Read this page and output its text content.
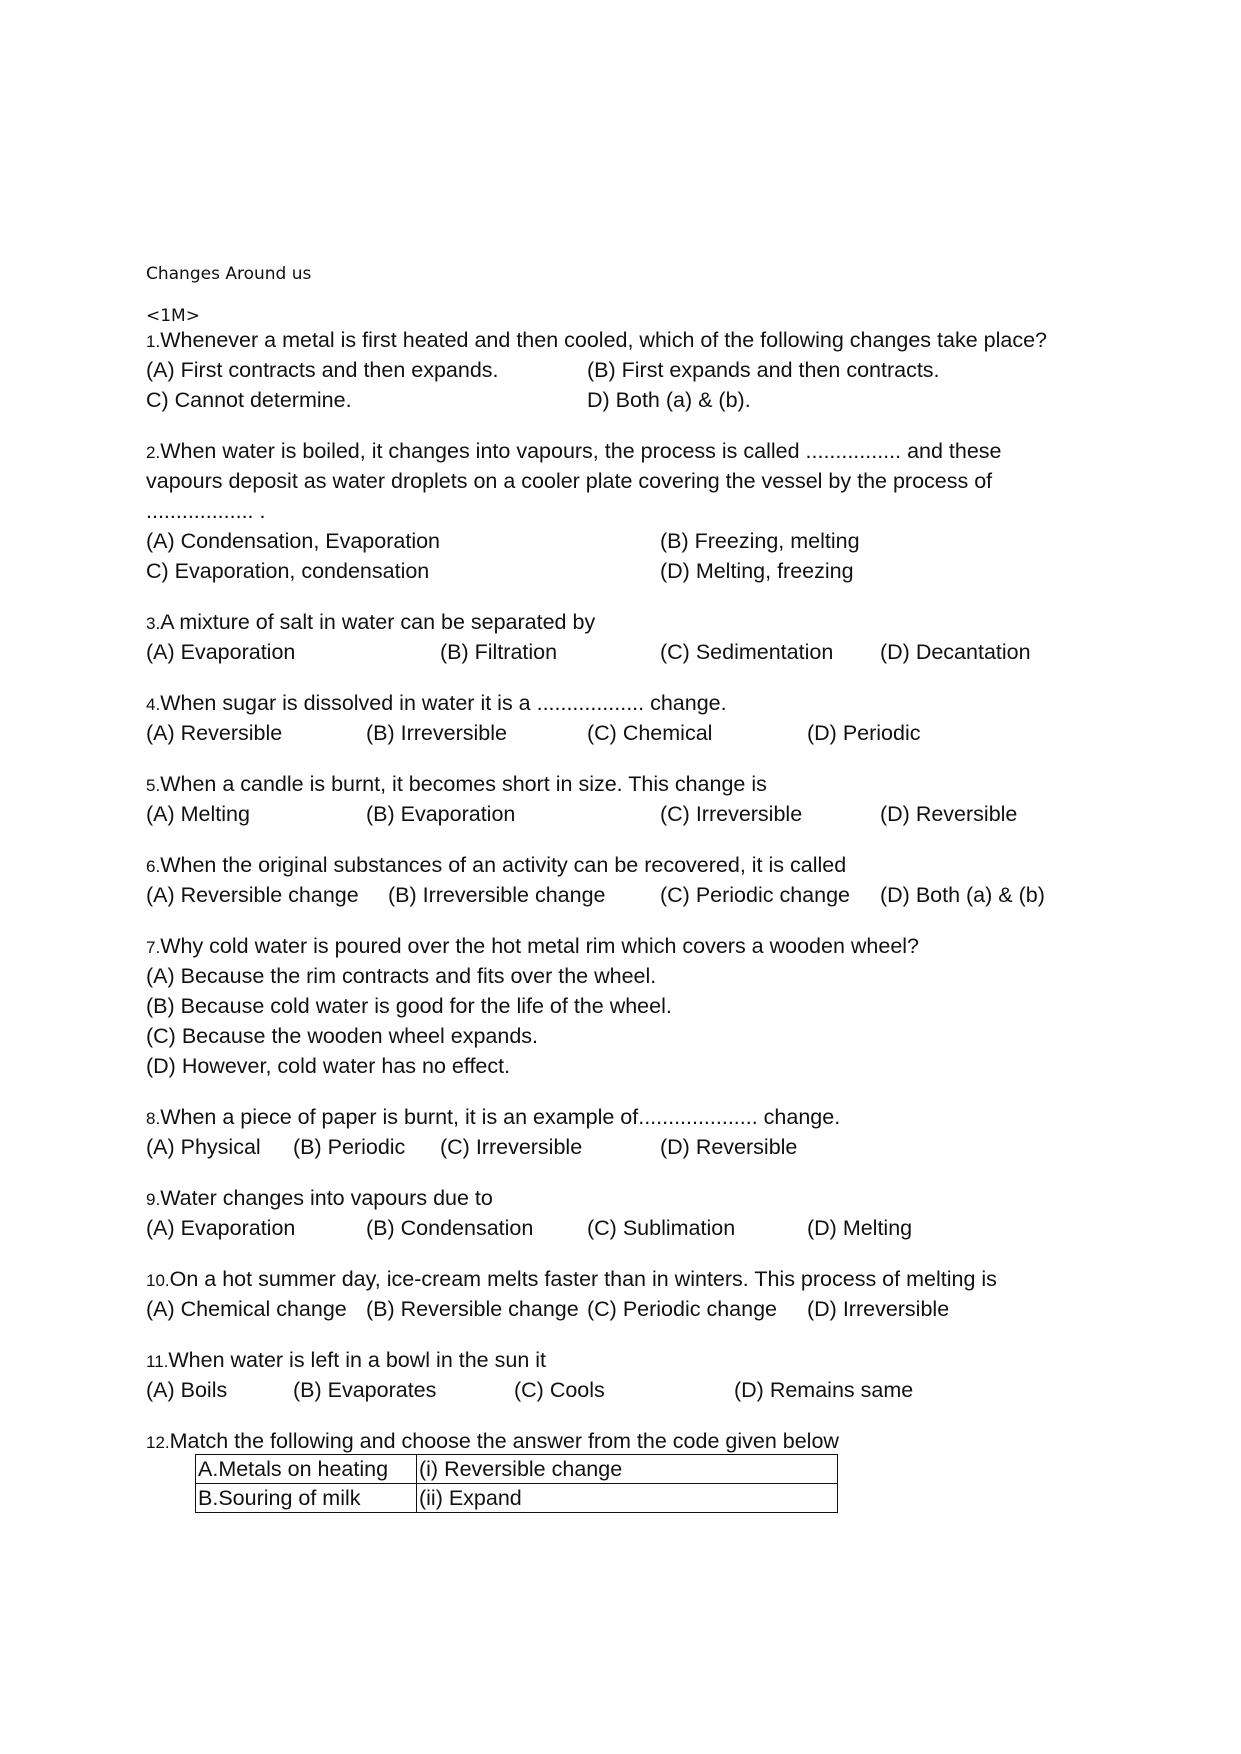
Changes Around us
<1M>
1.Whenever a metal is first heated and then cooled, which of the following changes take place?
(A) First contracts and then expands.	(B) First expands and then contracts.
C) Cannot determine.	D) Both (a) & (b).
2.When water is boiled, it changes into vapours, the process is called ................ and these
vapours deposit as water droplets on a cooler plate covering the vessel by the process of
.................. .
(A) Condensation, Evaporation	(B) Freezing, melting
C) Evaporation, condensation	(D) Melting, freezing
3.A mixture of salt in water can be separated by
(A) Evaporation	(B) Filtration	(C) Sedimentation (D) Decantation
4.When sugar is dissolved in water it is a .................. change.
(A) Reversible	(B) Irreversible	(C) Chemical	(D) Periodic
5.When a candle is burnt, it becomes short in size. This change is
(A) Melting	(B) Evaporation	(C) Irreversible	(D) Reversible
6.When the original substances of an activity can be recovered, it is called
(A) Reversible change (B) Irreversible change	(C) Periodic change (D) Both (a) & (b)
7.Why cold water is poured over the hot metal rim which covers a wooden wheel?
(A) Because the rim contracts and fits over the wheel.
(B) Because cold water is good for the life of the wheel.
(C) Because the wooden wheel expands.
(D) However, cold water has no effect.
8.When a piece of paper is burnt, it is an example of.................... change.
(A) Physical (B) Periodic (C) Irreversible	(D) Reversible
9.Water changes into vapours due to
(A) Evaporation	(B) Condensation (C) Sublimation	(D) Melting
10.On a hot summer day, ice-cream melts faster than in winters. This process of melting is
(A) Chemical change (B) Reversible change (C) Periodic change (D) Irreversible
11.When water is left in a bowl in the sun it
(A) Boils	(B) Evaporates	(C) Cools	(D) Remains same
12.Match the following and choose the answer from the code given below
A.Metals on heating	(i) Reversible change
B.Souring of milk	(ii) Expand
